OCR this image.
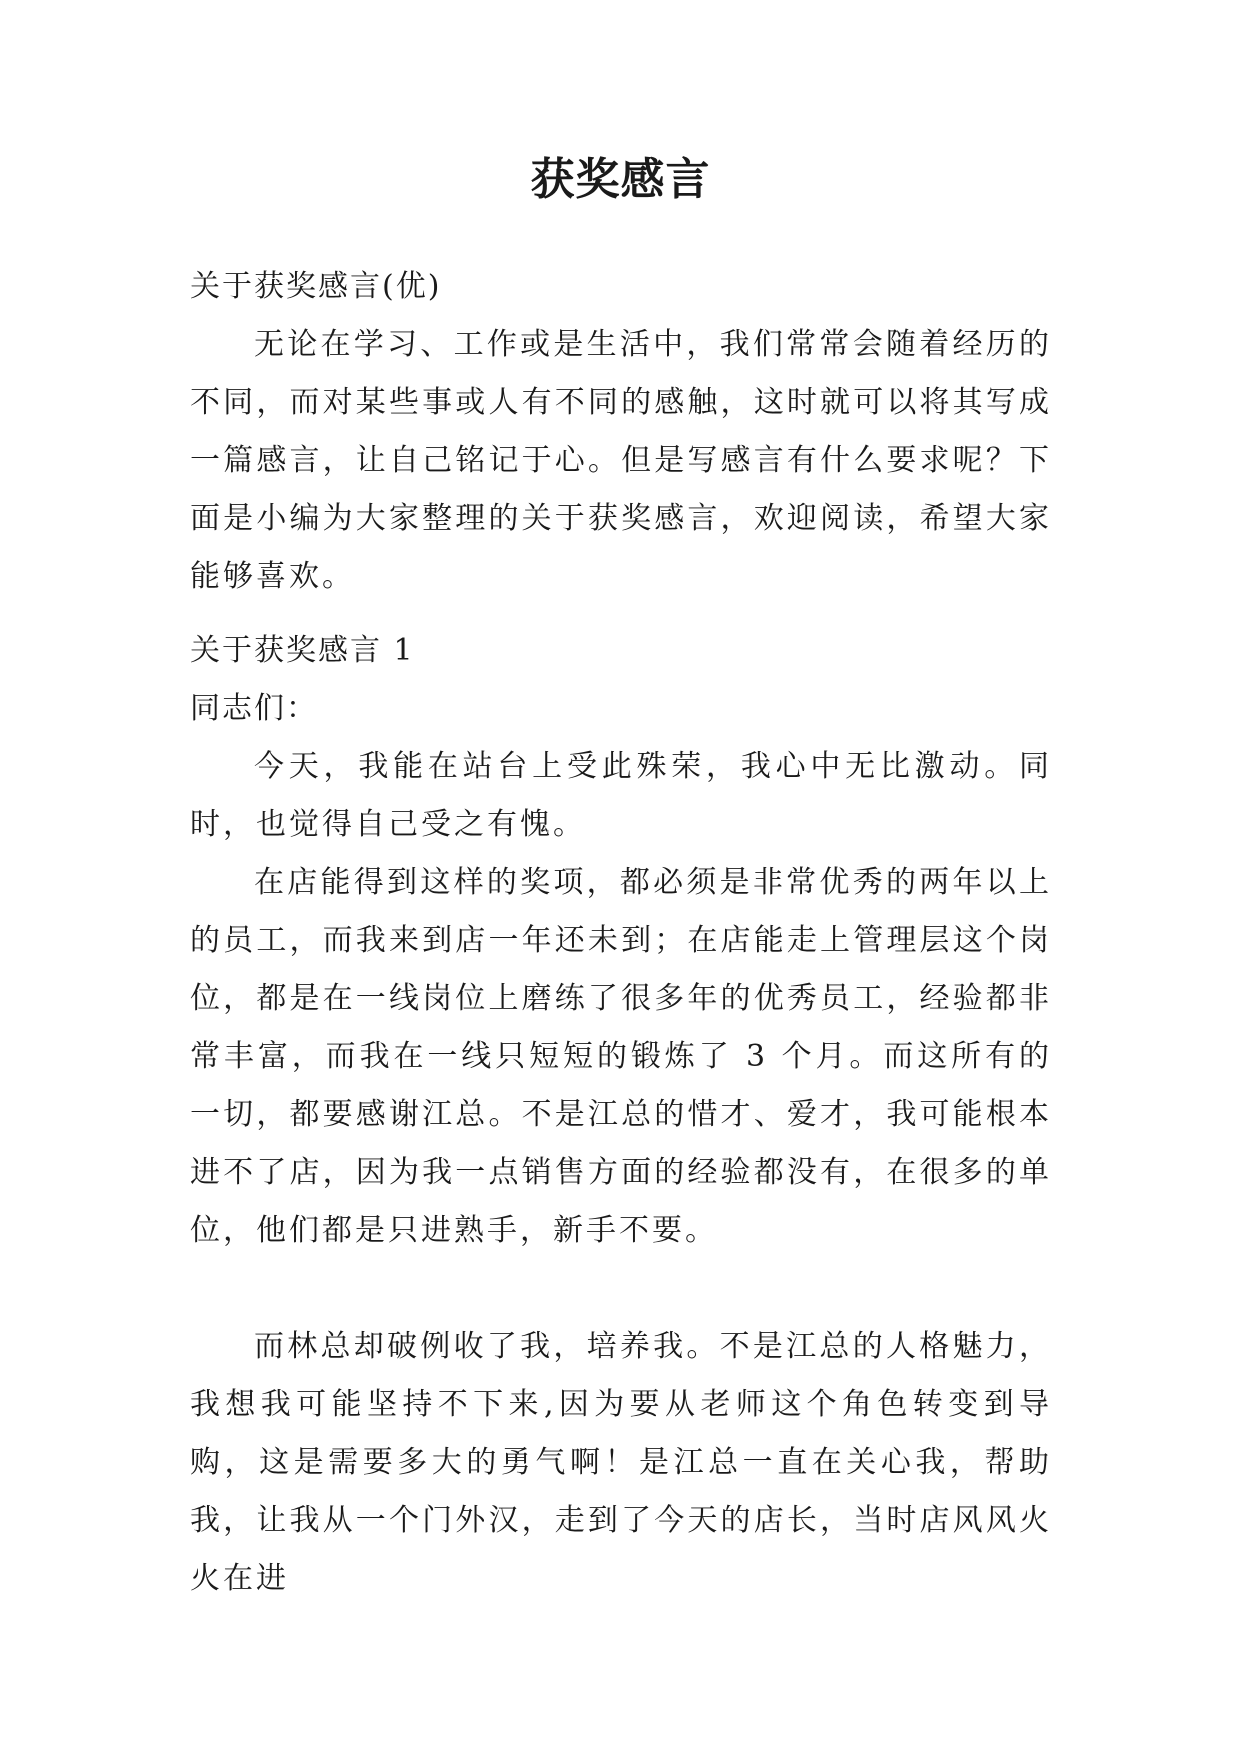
获奖感言

关于获奖感言(优)

无论在学习、工作或是生活中，我们常常会随着经历的不同，而对某些事或人有不同的感触，这时就可以将其写成一篇感言，让自己铭记于心。但是写感言有什么要求呢？下面是小编为大家整理的关于获奖感言，欢迎阅读，希望大家能够喜欢。

关于获奖感言 1

同志们：

今天，我能在站台上受此殊荣，我心中无比激动。同时，也觉得自己受之有愧。

在店能得到这样的奖项，都必须是非常优秀的两年以上的员工，而我来到店一年还未到；在店能走上管理层这个岗位，都是在一线岗位上磨练了很多年的优秀员工，经验都非常丰富，而我在一线只短短的锻炼了 3 个月。而这所有的一切，都要感谢江总。不是江总的惜才、爱才，我可能根本进不了店，因为我一点销售方面的经验都没有，在很多的单位，他们都是只进熟手，新手不要。

而林总却破例收了我，培养我。不是江总的人格魅力，我想我可能坚持不下来,因为要从老师这个角色转变到导购，这是需要多大的勇气啊！是江总一直在关心我，帮助我，让我从一个门外汉，走到了今天的店长，当时店风风火火在进
